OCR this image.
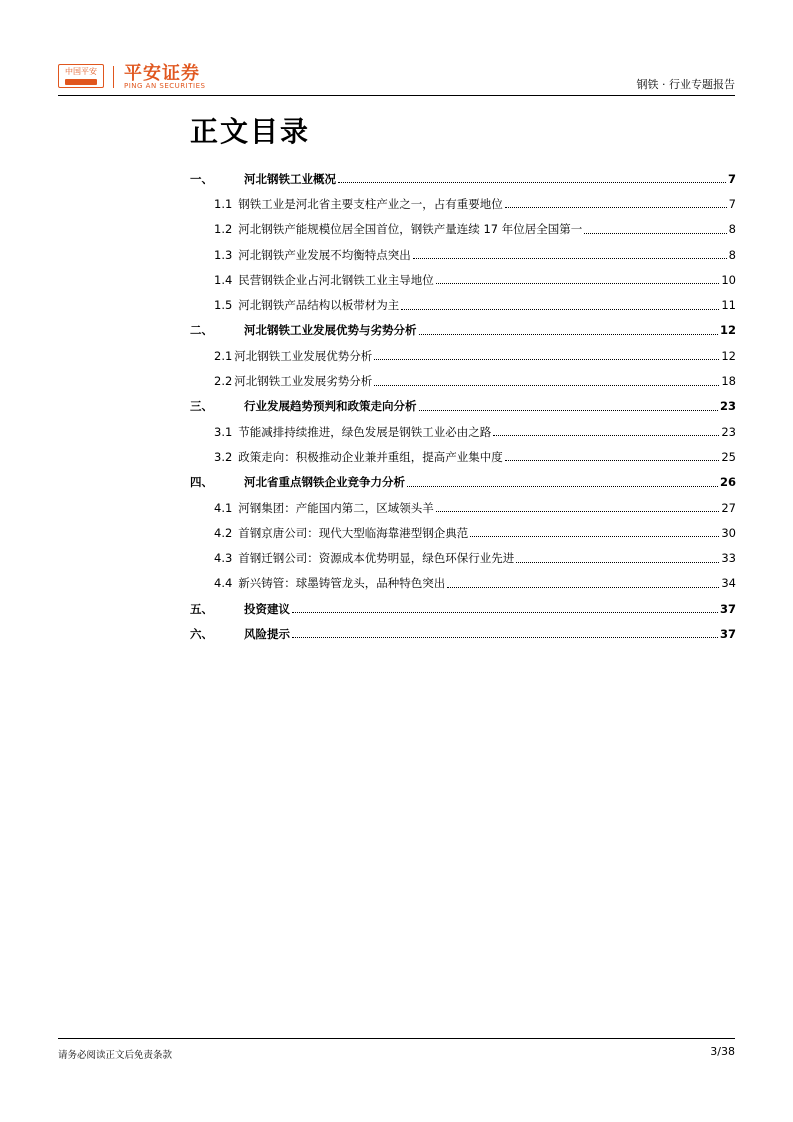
中国平安	平安证券
PING AN SECURITIES	钢铁 · 行业专题报告
正文目录
一、	河北钢铁工业概况	7
1.1 钢铁工业是河北省主要支柱产业之一，占有重要地位	7
1.2 河北钢铁产能规模位居全国首位，钢铁产量连续 17 年位居全国第一	8
1.3 河北钢铁产业发展不均衡特点突出	8
1.4 民营钢铁企业占河北钢铁工业主导地位	10
1.5 河北钢铁产品结构以板带材为主	11
二、	河北钢铁工业发展优势与劣势分析	12
2.1 河北钢铁工业发展优势分析	12
2.2 河北钢铁工业发展劣势分析	18
三、	行业发展趋势预判和政策走向分析	23
3.1 节能减排持续推进，绿色发展是钢铁工业必由之路	23
3.2 政策走向：积极推动企业兼并重组，提高产业集中度	25
四、	河北省重点钢铁企业竞争力分析	26
4.1 河钢集团：产能国内第二，区域领头羊	27
4.2 首钢京唐公司：现代大型临海靠港型钢企典范	30
4.3 首钢迁钢公司：资源成本优势明显，绿色环保行业先进	33
4.4 新兴铸管：球墨铸管龙头，品种特色突出	34
五、	投资建议	37
六、	风险提示	37
请务必阅读正文后免责条款	3/38
